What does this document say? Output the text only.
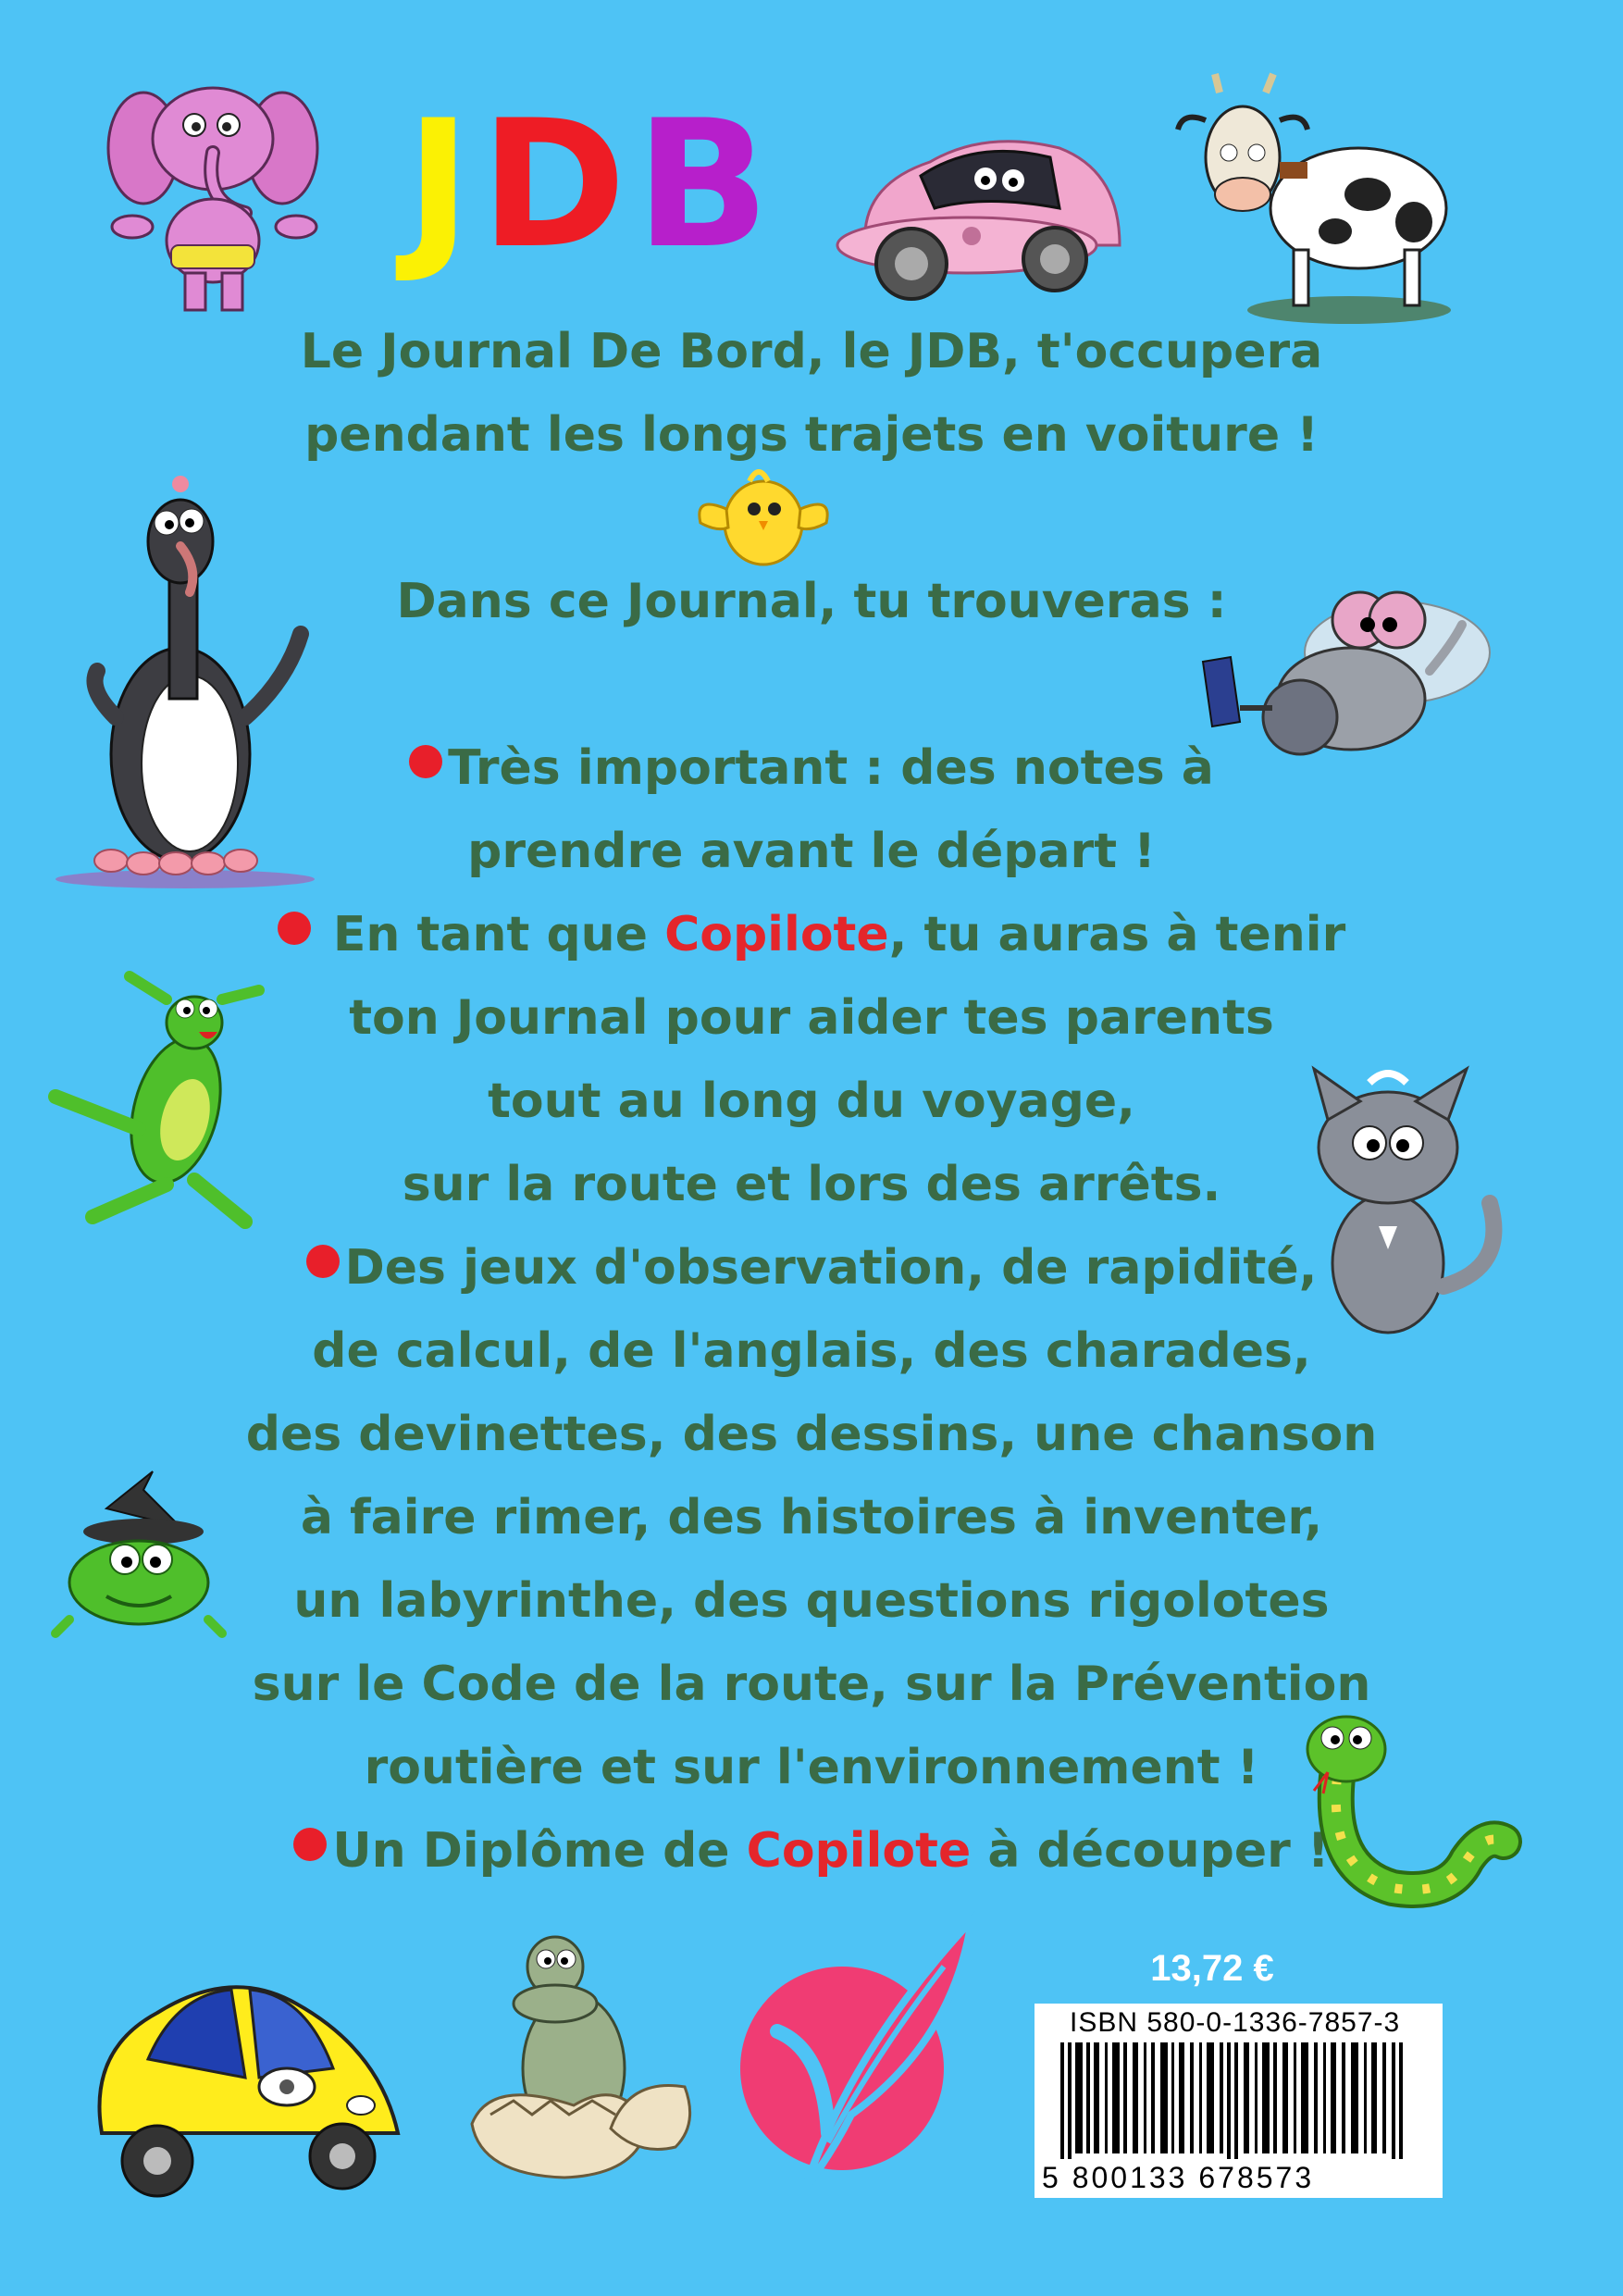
JDB
Le Journal De Bord, le JDB, t'occupera
pendant les longs trajets en voiture !
Dans ce Journal, tu trouveras :
Très important : des notes à
prendre avant le départ !
En tant que Copilote, tu auras à tenir
ton Journal pour aider tes parents
tout au long du voyage,
sur la route et lors des arrêts.
Des jeux d'observation, de rapidité,
de calcul, de l'anglais, des charades,
des devinettes, des dessins, une chanson
à faire rimer, des histoires à inventer,
un labyrinthe, des questions rigolotes
sur le Code de la route, sur la Prévention
routière et sur l'environnement !
Un Diplôme de Copilote à découper !
13,72 €
ISBN 580-0-1336-7857-3
5 800133 678573
